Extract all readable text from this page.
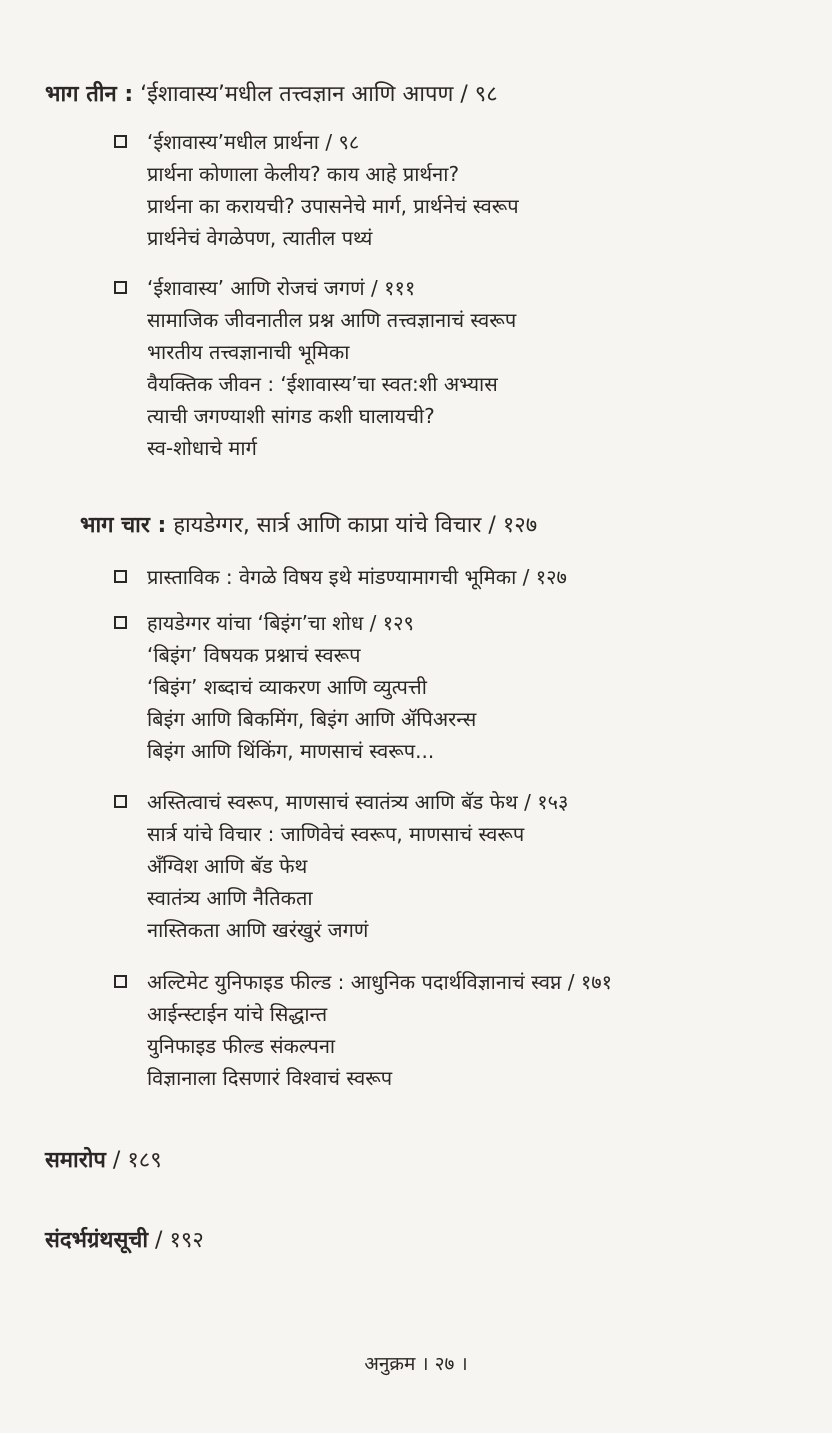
भाग तीन : ‘ईशावास्य’मधील तत्त्वज्ञान आणि आपण / ९८
‘ईशावास्य’मधील प्रार्थना / ९८
प्रार्थना कोणाला केलीय? काय आहे प्रार्थना?
प्रार्थना का करायची? उपासनेचे मार्ग, प्रार्थनेचं स्वरूप
प्रार्थनेचं वेगळेपण, त्यातील पथ्यं
‘ईशावास्य’ आणि रोजचं जगणं / १११
सामाजिक जीवनातील प्रश्न आणि तत्त्वज्ञानाचं स्वरूप
भारतीय तत्त्वज्ञानाची भूमिका
वैयक्तिक जीवन : ‘ईशावास्य’चा स्वत:शी अभ्यास
त्याची जगण्याशी सांगड कशी घालायची?
स्व-शोधाचे मार्ग
भाग चार : हायडेग्गर, सार्त्र आणि काप्रा यांचे विचार / १२७
प्रास्ताविक : वेगळे विषय इथे मांडण्यामागची भूमिका / १२७
हायडेग्गर यांचा ‘बिइंग’चा शोध / १२९
‘बिइंग’ विषयक प्रश्नाचं स्वरूप
‘बिइंग’ शब्दाचं व्याकरण आणि व्युत्पत्ती
बिइंग आणि बिकमिंग, बिइंग आणि ॲपिअरन्स
बिइंग आणि थिंकिंग, माणसाचं स्वरूप...
अस्तित्वाचं स्वरूप, माणसाचं स्वातंत्र्य आणि बॅड फेथ / १५३
सार्त्र यांचे विचार : जाणिवेचं स्वरूप, माणसाचं स्वरूप
अँग्विश आणि बॅड फेथ
स्वातंत्र्य आणि नैतिकता
नास्तिकता आणि खरंखुरं जगणं
अल्टिमेट युनिफाइड फील्ड : आधुनिक पदार्थविज्ञानाचं स्वप्न / १७१
आईन्स्टाईन यांचे सिद्धान्त
युनिफाइड फील्ड संकल्पना
विज्ञानाला दिसणारं विश्वाचं स्वरूप
समारोप / १८९
संदर्भग्रंथसूची / १९२
अनुक्रम । २७ ।
